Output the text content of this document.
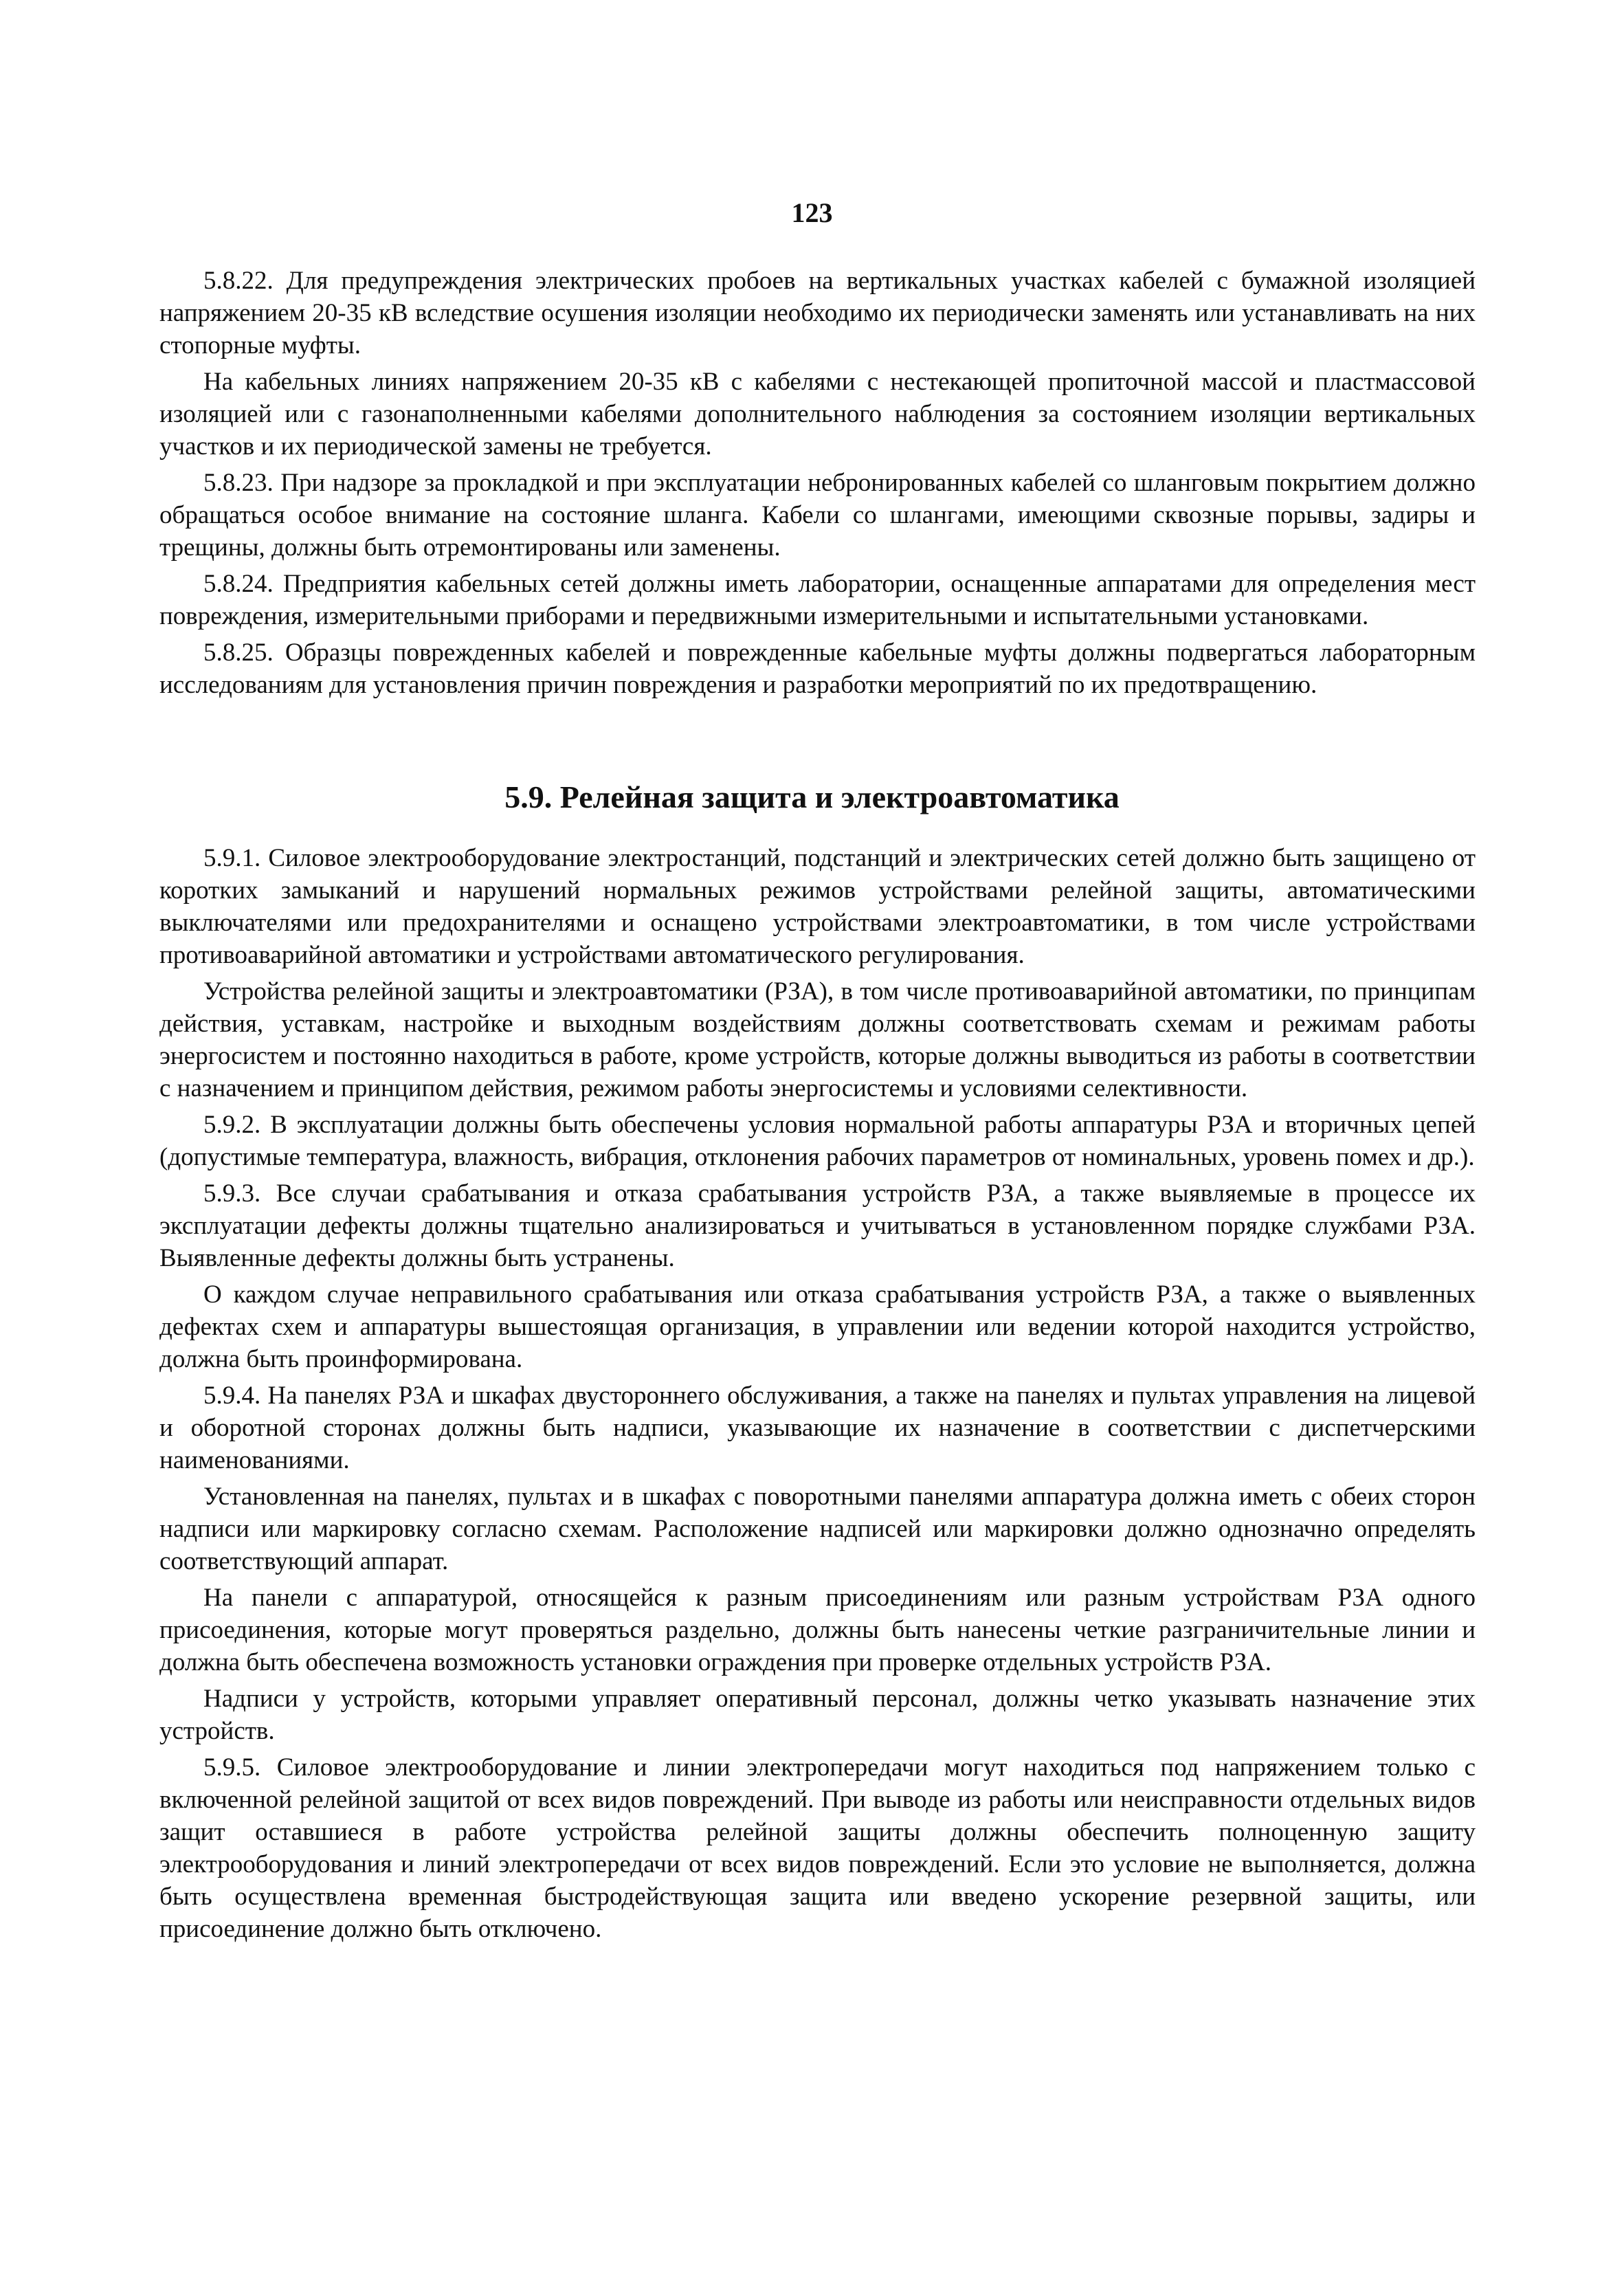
123

5.8.22. Для предупреждения электрических пробоев на вертикальных участках кабелей с бумажной изоляцией напряжением 20-35 кВ вследствие осушения изоляции необходимо их периодически заменять или устанавливать на них стопорные муфты.

На кабельных линиях напряжением 20-35 кВ с кабелями с нестекающей пропиточной массой и пластмассовой изоляцией или с газонаполненными кабелями дополнительного наблюдения за состоянием изоляции вертикальных участков и их периодической замены не требуется.

5.8.23. При надзоре за прокладкой и при эксплуатации небронированных кабелей со шланговым покрытием должно обращаться особое внимание на состояние шланга. Кабели со шлангами, имеющими сквозные порывы, задиры и трещины, должны быть отремонтированы или заменены.

5.8.24. Предприятия кабельных сетей должны иметь лаборатории, оснащенные аппаратами для определения мест повреждения, измерительными приборами и передвижными измерительными и испытательными установками.

5.8.25. Образцы поврежденных кабелей и поврежденные кабельные муфты должны подвергаться лабораторным исследованиям для установления причин повреждения и разработки мероприятий по их предотвращению.

5.9. Релейная защита и электроавтоматика

5.9.1. Силовое электрооборудование электростанций, подстанций и электрических сетей должно быть защищено от коротких замыканий и нарушений нормальных режимов устройствами релейной защиты, автоматическими выключателями или предохранителями и оснащено устройствами электроавтоматики, в том числе устройствами противоаварийной автоматики и устройствами автоматического регулирования.

Устройства релейной защиты и электроавтоматики (РЗА), в том числе противоаварийной автоматики, по принципам действия, уставкам, настройке и выходным воздействиям должны соответствовать схемам и режимам работы энергосистем и постоянно находиться в работе, кроме устройств, которые должны выводиться из работы в соответствии с назначением и принципом действия, режимом работы энергосистемы и условиями селективности.

5.9.2. В эксплуатации должны быть обеспечены условия нормальной работы аппаратуры РЗА и вторичных цепей (допустимые температура, влажность, вибрация, отклонения рабочих параметров от номинальных, уровень помех и др.).

5.9.3. Все случаи срабатывания и отказа срабатывания устройств РЗА, а также выявляемые в процессе их эксплуатации дефекты должны тщательно анализироваться и учитываться в установленном порядке службами РЗА. Выявленные дефекты должны быть устранены.

О каждом случае неправильного срабатывания или отказа срабатывания устройств РЗА, а также о выявленных дефектах схем и аппаратуры вышестоящая организация, в управлении или ведении которой находится устройство, должна быть проинформирована.

5.9.4. На панелях РЗА и шкафах двустороннего обслуживания, а также на панелях и пультах управления на лицевой и оборотной сторонах должны быть надписи, указывающие их назначение в соответствии с диспетчерскими наименованиями.

Установленная на панелях, пультах и в шкафах с поворотными панелями аппаратура должна иметь с обеих сторон надписи или маркировку согласно схемам. Расположение надписей или маркировки должно однозначно определять соответствующий аппарат.

На панели с аппаратурой, относящейся к разным присоединениям или разным устройствам РЗА одного присоединения, которые могут проверяться раздельно, должны быть нанесены четкие разграничительные линии и должна быть обеспечена возможность установки ограждения при проверке отдельных устройств РЗА.

Надписи у устройств, которыми управляет оперативный персонал, должны четко указывать назначение этих устройств.

5.9.5. Силовое электрооборудование и линии электропередачи могут находиться под напряжением только с включенной релейной защитой от всех видов повреждений. При выводе из работы или неисправности отдельных видов защит оставшиеся в работе устройства релейной защиты должны обеспечить полноценную защиту электрооборудования и линий электропередачи от всех видов повреждений. Если это условие не выполняется, должна быть осуществлена временная быстродействующая защита или введено ускорение резервной защиты, или присоединение должно быть отключено.
